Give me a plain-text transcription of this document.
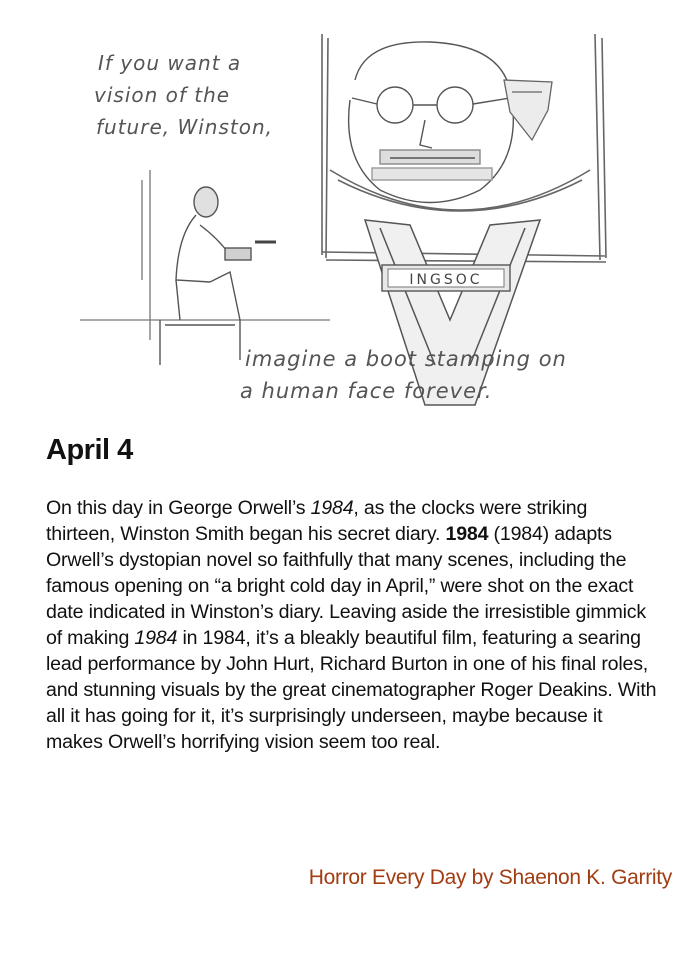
If you want a
vision of the
future, Winston,
INGSOC
imagine a boot stamping on
a human face forever.
April 4

On this day in George Orwell’s 1984, as the clocks were striking thirteen, Winston Smith began his secret diary. 1984 (1984) adapts Orwell’s dystopian novel so faithfully that many scenes, including the famous opening on “a bright cold day in April,” were shot on the exact date indicated in Winston’s diary. Leaving aside the irresistible gimmick of making 1984 in 1984, it’s a bleakly beautiful film, featuring a searing lead performance by John Hurt, Richard Burton in one of his final roles, and stunning visuals by the great cinematographer Roger Deakins. With all it has going for it, it’s surprisingly underseen, maybe because it makes Orwell’s horrifying vision seem too real.

Horror Every Day by Shaenon K. Garrity
